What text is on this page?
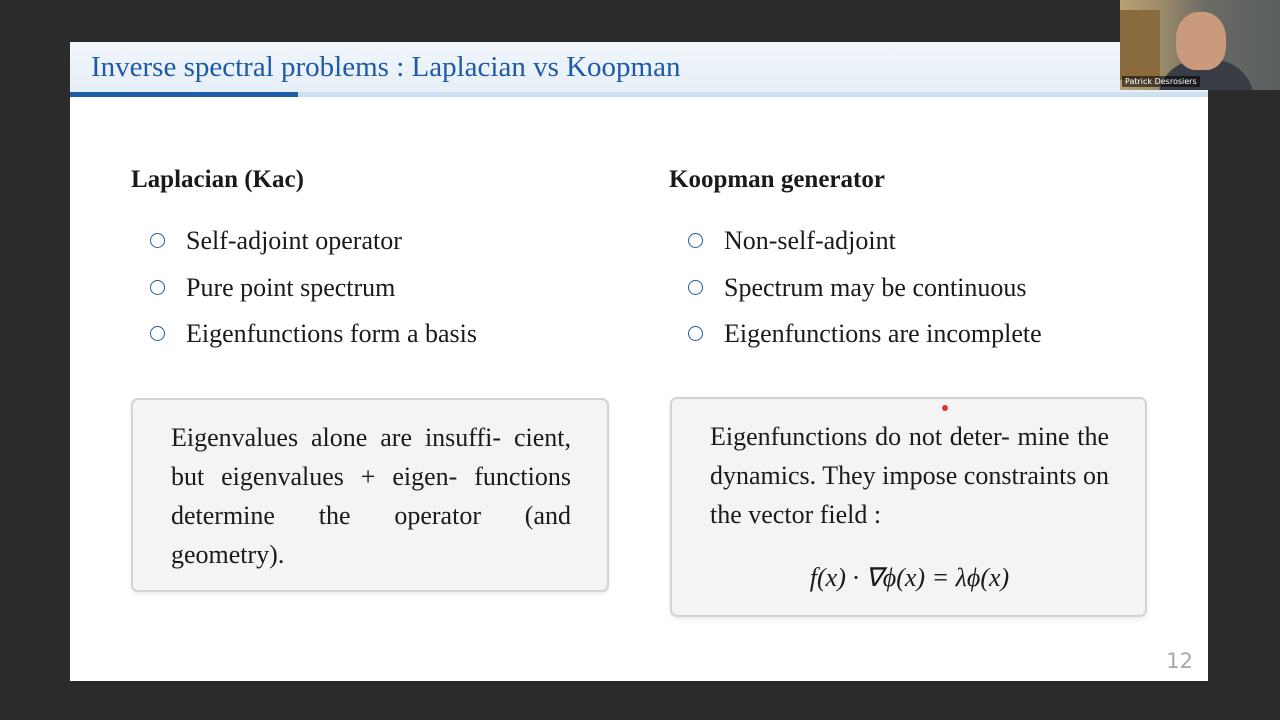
Inverse spectral problems : Laplacian vs Koopman
Laplacian (Kac)
Self-adjoint operator
Pure point spectrum
Eigenfunctions form a basis
Koopman generator
Non-self-adjoint
Spectrum may be continuous
Eigenfunctions are incomplete

Eigenvalues alone are insuffi- cient, but eigenvalues + eigen- functions determine the operator (and geometry).

Eigenfunctions do not deter- mine the dynamics. They impose constraints on the vector field :

f(x) · ∇ϕ(x) = λϕ(x)
12
Patrick Desrosiers
